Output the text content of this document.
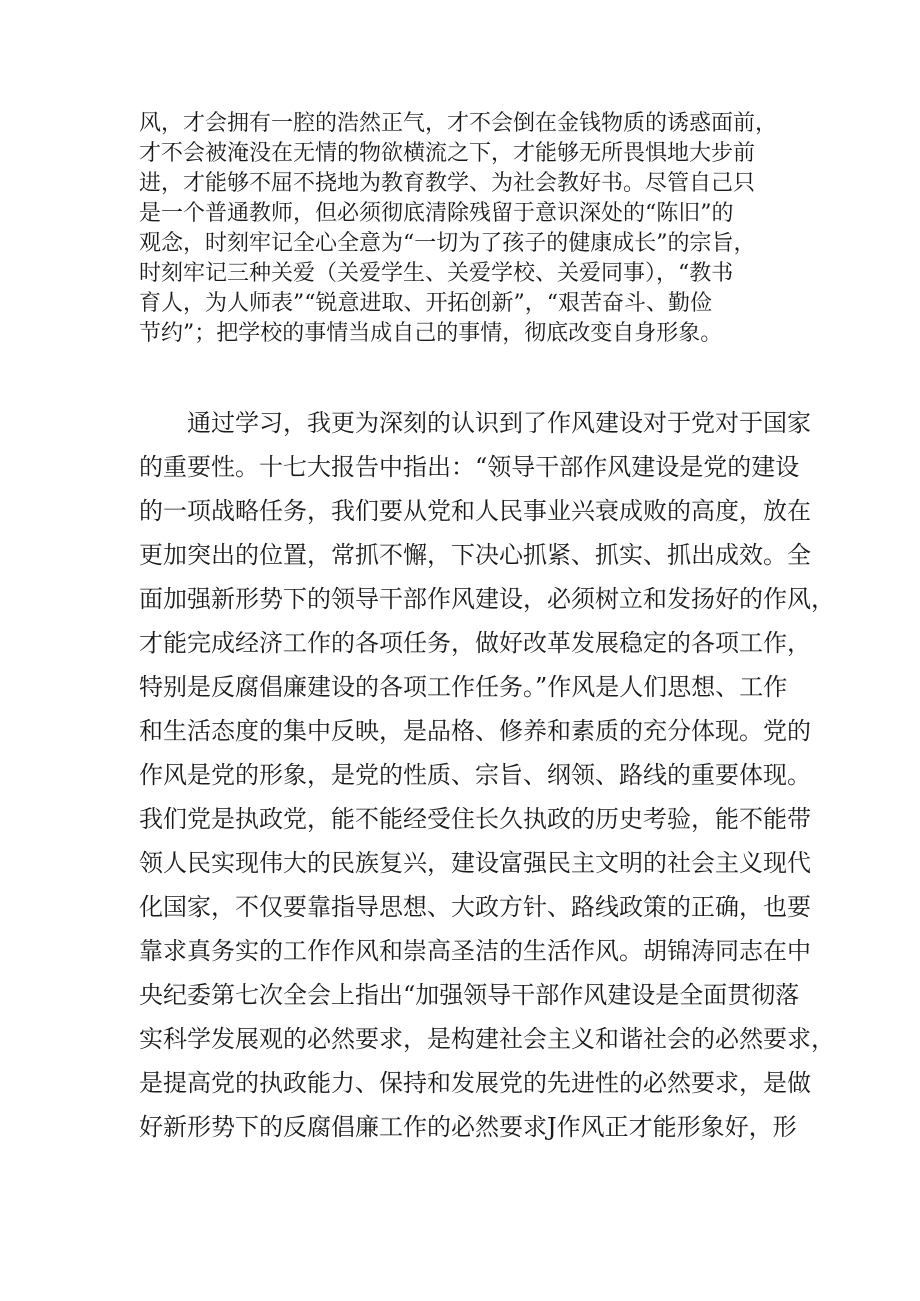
风，才会拥有一腔的浩然正气，才不会倒在金钱物质的诱惑面前，
才不会被淹没在无情的物欲横流之下，才能够无所畏惧地大步前
进，才能够不屈不挠地为教育教学、为社会教好书。尽管自己只
是一个普通教师，但必须彻底清除残留于意识深处的“陈旧”的
观念，时刻牢记全心全意为“一切为了孩子的健康成长”的宗旨，
时刻牢记三种关爱（关爱学生、关爱学校、关爱同事），“教书
育人，为人师表”“锐意进取、开拓创新”，“艰苦奋斗、勤俭
节约”；把学校的事情当成自己的事情，彻底改变自身形象。
通过学习，我更为深刻的认识到了作风建设对于党对于国家
的重要性。十七大报告中指出：“领导干部作风建设是党的建设
的一项战略任务，我们要从党和人民事业兴衰成败的高度，放在
更加突出的位置，常抓不懈，下决心抓紧、抓实、抓出成效。全
面加强新形势下的领导干部作风建设，必须树立和发扬好的作风，
才能完成经济工作的各项任务，做好改革发展稳定的各项工作，
特别是反腐倡廉建设的各项工作任务。”作风是人们思想、工作
和生活态度的集中反映，是品格、修养和素质的充分体现。党的
作风是党的形象，是党的性质、宗旨、纲领、路线的重要体现。
我们党是执政党，能不能经受住长久执政的历史考验，能不能带
领人民实现伟大的民族复兴，建设富强民主文明的社会主义现代
化国家，不仅要靠指导思想、大政方针、路线政策的正确，也要
靠求真务实的工作作风和崇高圣洁的生活作风。胡锦涛同志在中
央纪委第七次全会上指出“加强领导干部作风建设是全面贯彻落
实科学发展观的必然要求，是构建社会主义和谐社会的必然要求，
是提高党的执政能力、保持和发展党的先进性的必然要求，是做
好新形势下的反腐倡廉工作的必然要求J作风正才能形象好，形
